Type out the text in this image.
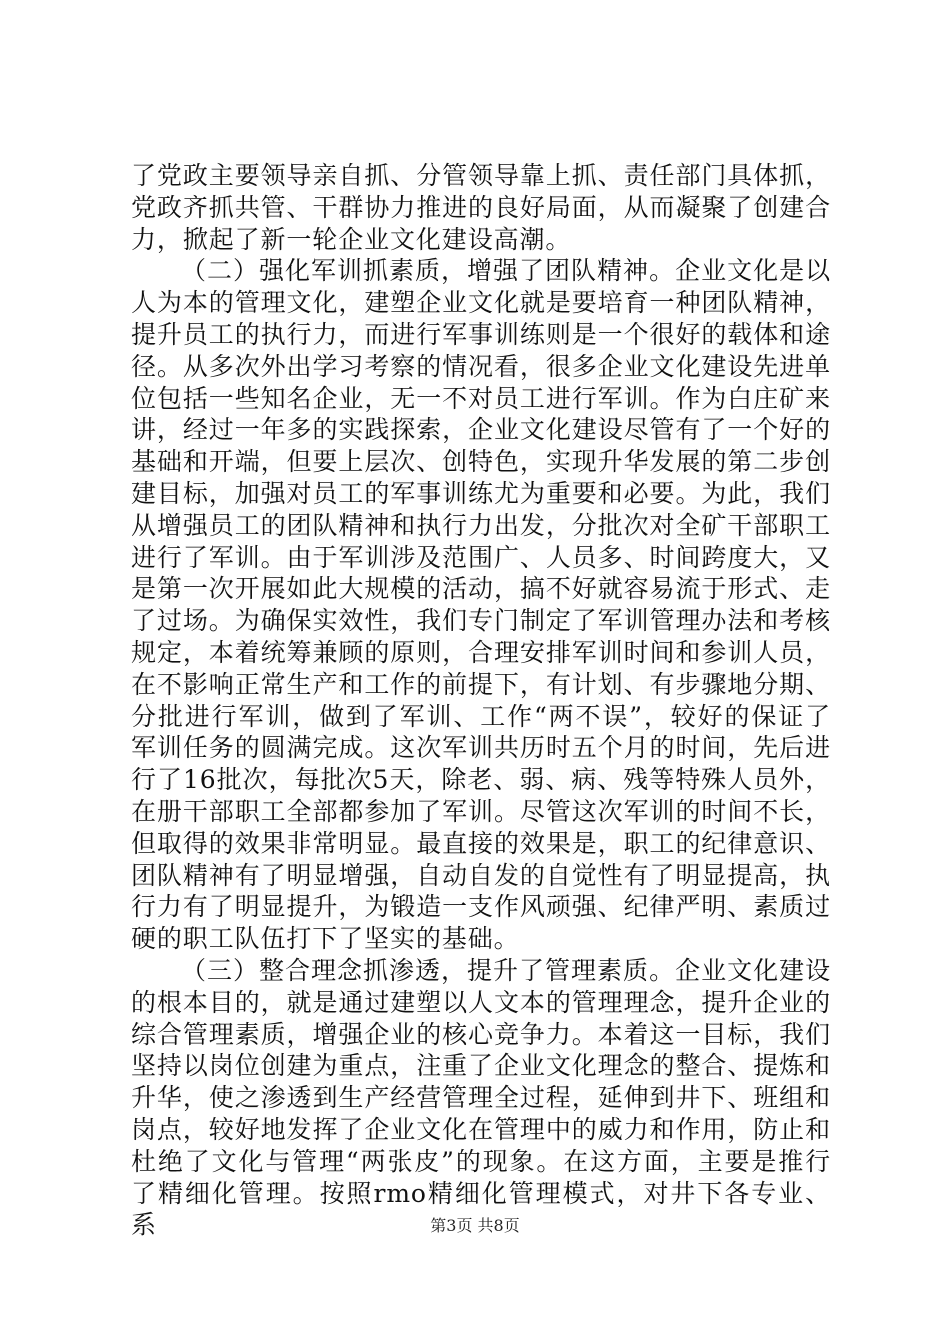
了党政主要领导亲自抓、分管领导靠上抓、责任部门具体抓，党政齐抓共管、干群协力推进的良好局面，从而凝聚了创建合力，掀起了新一轮企业文化建设高潮。

（二）强化军训抓素质，增强了团队精神。企业文化是以人为本的管理文化，建塑企业文化就是要培育一种团队精神，提升员工的执行力，而进行军事训练则是一个很好的载体和途径。从多次外出学习考察的情况看，很多企业文化建设先进单位包括一些知名企业，无一不对员工进行军训。作为白庄矿来讲，经过一年多的实践探索，企业文化建设尽管有了一个好的基础和开端，但要上层次、创特色，实现升华发展的第二步创建目标，加强对员工的军事训练尤为重要和必要。为此，我们从增强员工的团队精神和执行力出发，分批次对全矿干部职工进行了军训。由于军训涉及范围广、人员多、时间跨度大，又是第一次开展如此大规模的活动，搞不好就容易流于形式、走了过场。为确保实效性，我们专门制定了军训管理办法和考核规定，本着统筹兼顾的原则，合理安排军训时间和参训人员，在不影响正常生产和工作的前提下，有计划、有步骤地分期、分批进行军训，做到了军训、工作“两不误”，较好的保证了军训任务的圆满完成。这次军训共历时五个月的时间，先后进行了16批次，每批次5天，除老、弱、病、残等特殊人员外，在册干部职工全部都参加了军训。尽管这次军训的时间不长，但取得的效果非常明显。最直接的效果是，职工的纪律意识、团队精神有了明显增强，自动自发的自觉性有了明显提高，执行力有了明显提升，为锻造一支作风顽强、纪律严明、素质过硬的职工队伍打下了坚实的基础。

（三）整合理念抓渗透，提升了管理素质。企业文化建设的根本目的，就是通过建塑以人文本的管理理念，提升企业的综合管理素质，增强企业的核心竞争力。本着这一目标，我们坚持以岗位创建为重点，注重了企业文化理念的整合、提炼和升华，使之渗透到生产经营管理全过程，延伸到井下、班组和岗点，较好地发挥了企业文化在管理中的威力和作用，防止和杜绝了文化与管理“两张皮”的现象。在这方面，主要是推行了精细化管理。按照rmo精细化管理模式，对井下各专业、系	第3页 共8页
